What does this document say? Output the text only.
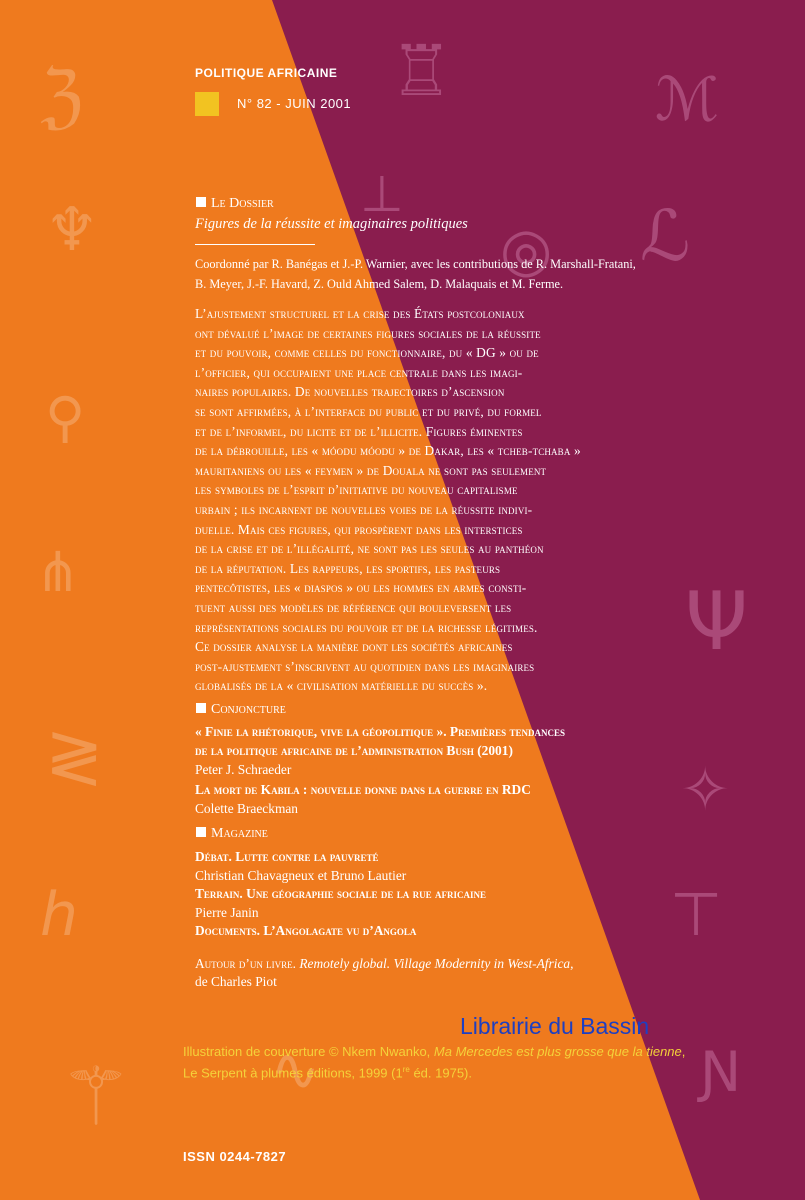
ℨ
♆
⚲
⋔
≷
ℎ
⚚ ∿
♖	ℳ
⊥
◎ ℒ
Ψ
✧
⊤
Ɲ
POLITIQUE AFRICAINE
N° 82 - JUIN 2001
Le Dossier
Figures de la réussite et imaginaires politiques
Coordonné par R. Banégas et J.-P. Warnier, avec les contributions de R. Marshall-Fratani,
B. Meyer, J.-F. Havard, Z. Ould Ahmed Salem, D. Malaquais et M. Ferme.
L’ajustement structurel et la crise des États postcoloniaux
ont dévalué l’image de certaines figures sociales de la réussite
et du pouvoir, comme celles du fonctionnaire, du « DG » ou de
l’officier, qui occupaient une place centrale dans les imagi-
naires populaires. De nouvelles trajectoires d’ascension
se sont affirmées, à l’interface du public et du privé, du formel
et de l’informel, du licite et de l’illicite. Figures éminentes
de la débrouille, les « móodu móodu » de Dakar, les « tcheb-tchaba »
mauritaniens ou les « feymen » de Douala ne sont pas seulement
les symboles de l’esprit d’initiative du nouveau capitalisme
urbain ; ils incarnent de nouvelles voies de la réussite indivi-
duelle. Mais ces figures, qui prospèrent dans les interstices
de la crise et de l’illégalité, ne sont pas les seules au panthéon
de la réputation. Les rappeurs, les sportifs, les pasteurs
pentecôtistes, les « diaspos » ou les hommes en armes consti-
tuent aussi des modèles de référence qui bouleversent les
représentations sociales du pouvoir et de la richesse légitimes.
Ce dossier analyse la manière dont les sociétés africaines
post-ajustement s’inscrivent au quotidien dans les imaginaires
globalisés de la « civilisation matérielle du succès ».
Conjoncture
« Finie la rhétorique, vive la géopolitique ». Premières tendances
de la politique africaine de l’administration Bush (2001)
Peter J. Schraeder
La mort de Kabila : nouvelle donne dans la guerre en RDC
Colette Braeckman
Magazine
Débat. Lutte contre la pauvreté
Christian Chavagneux et Bruno Lautier
Terrain. Une géographie sociale de la rue africaine
Pierre Janin
Documents. L’Angolagate vu d’Angola
Autour d’un livre. Remotely global. Village Modernity in West-Africa,
de Charles Piot
Librairie du Bassin
Illustration de couverture © Nkem Nwanko, Ma Mercedes est plus grosse que la tienne,
Le Serpent à plumes éditions, 1999 (1re éd. 1975).
ISSN 0244-7827
